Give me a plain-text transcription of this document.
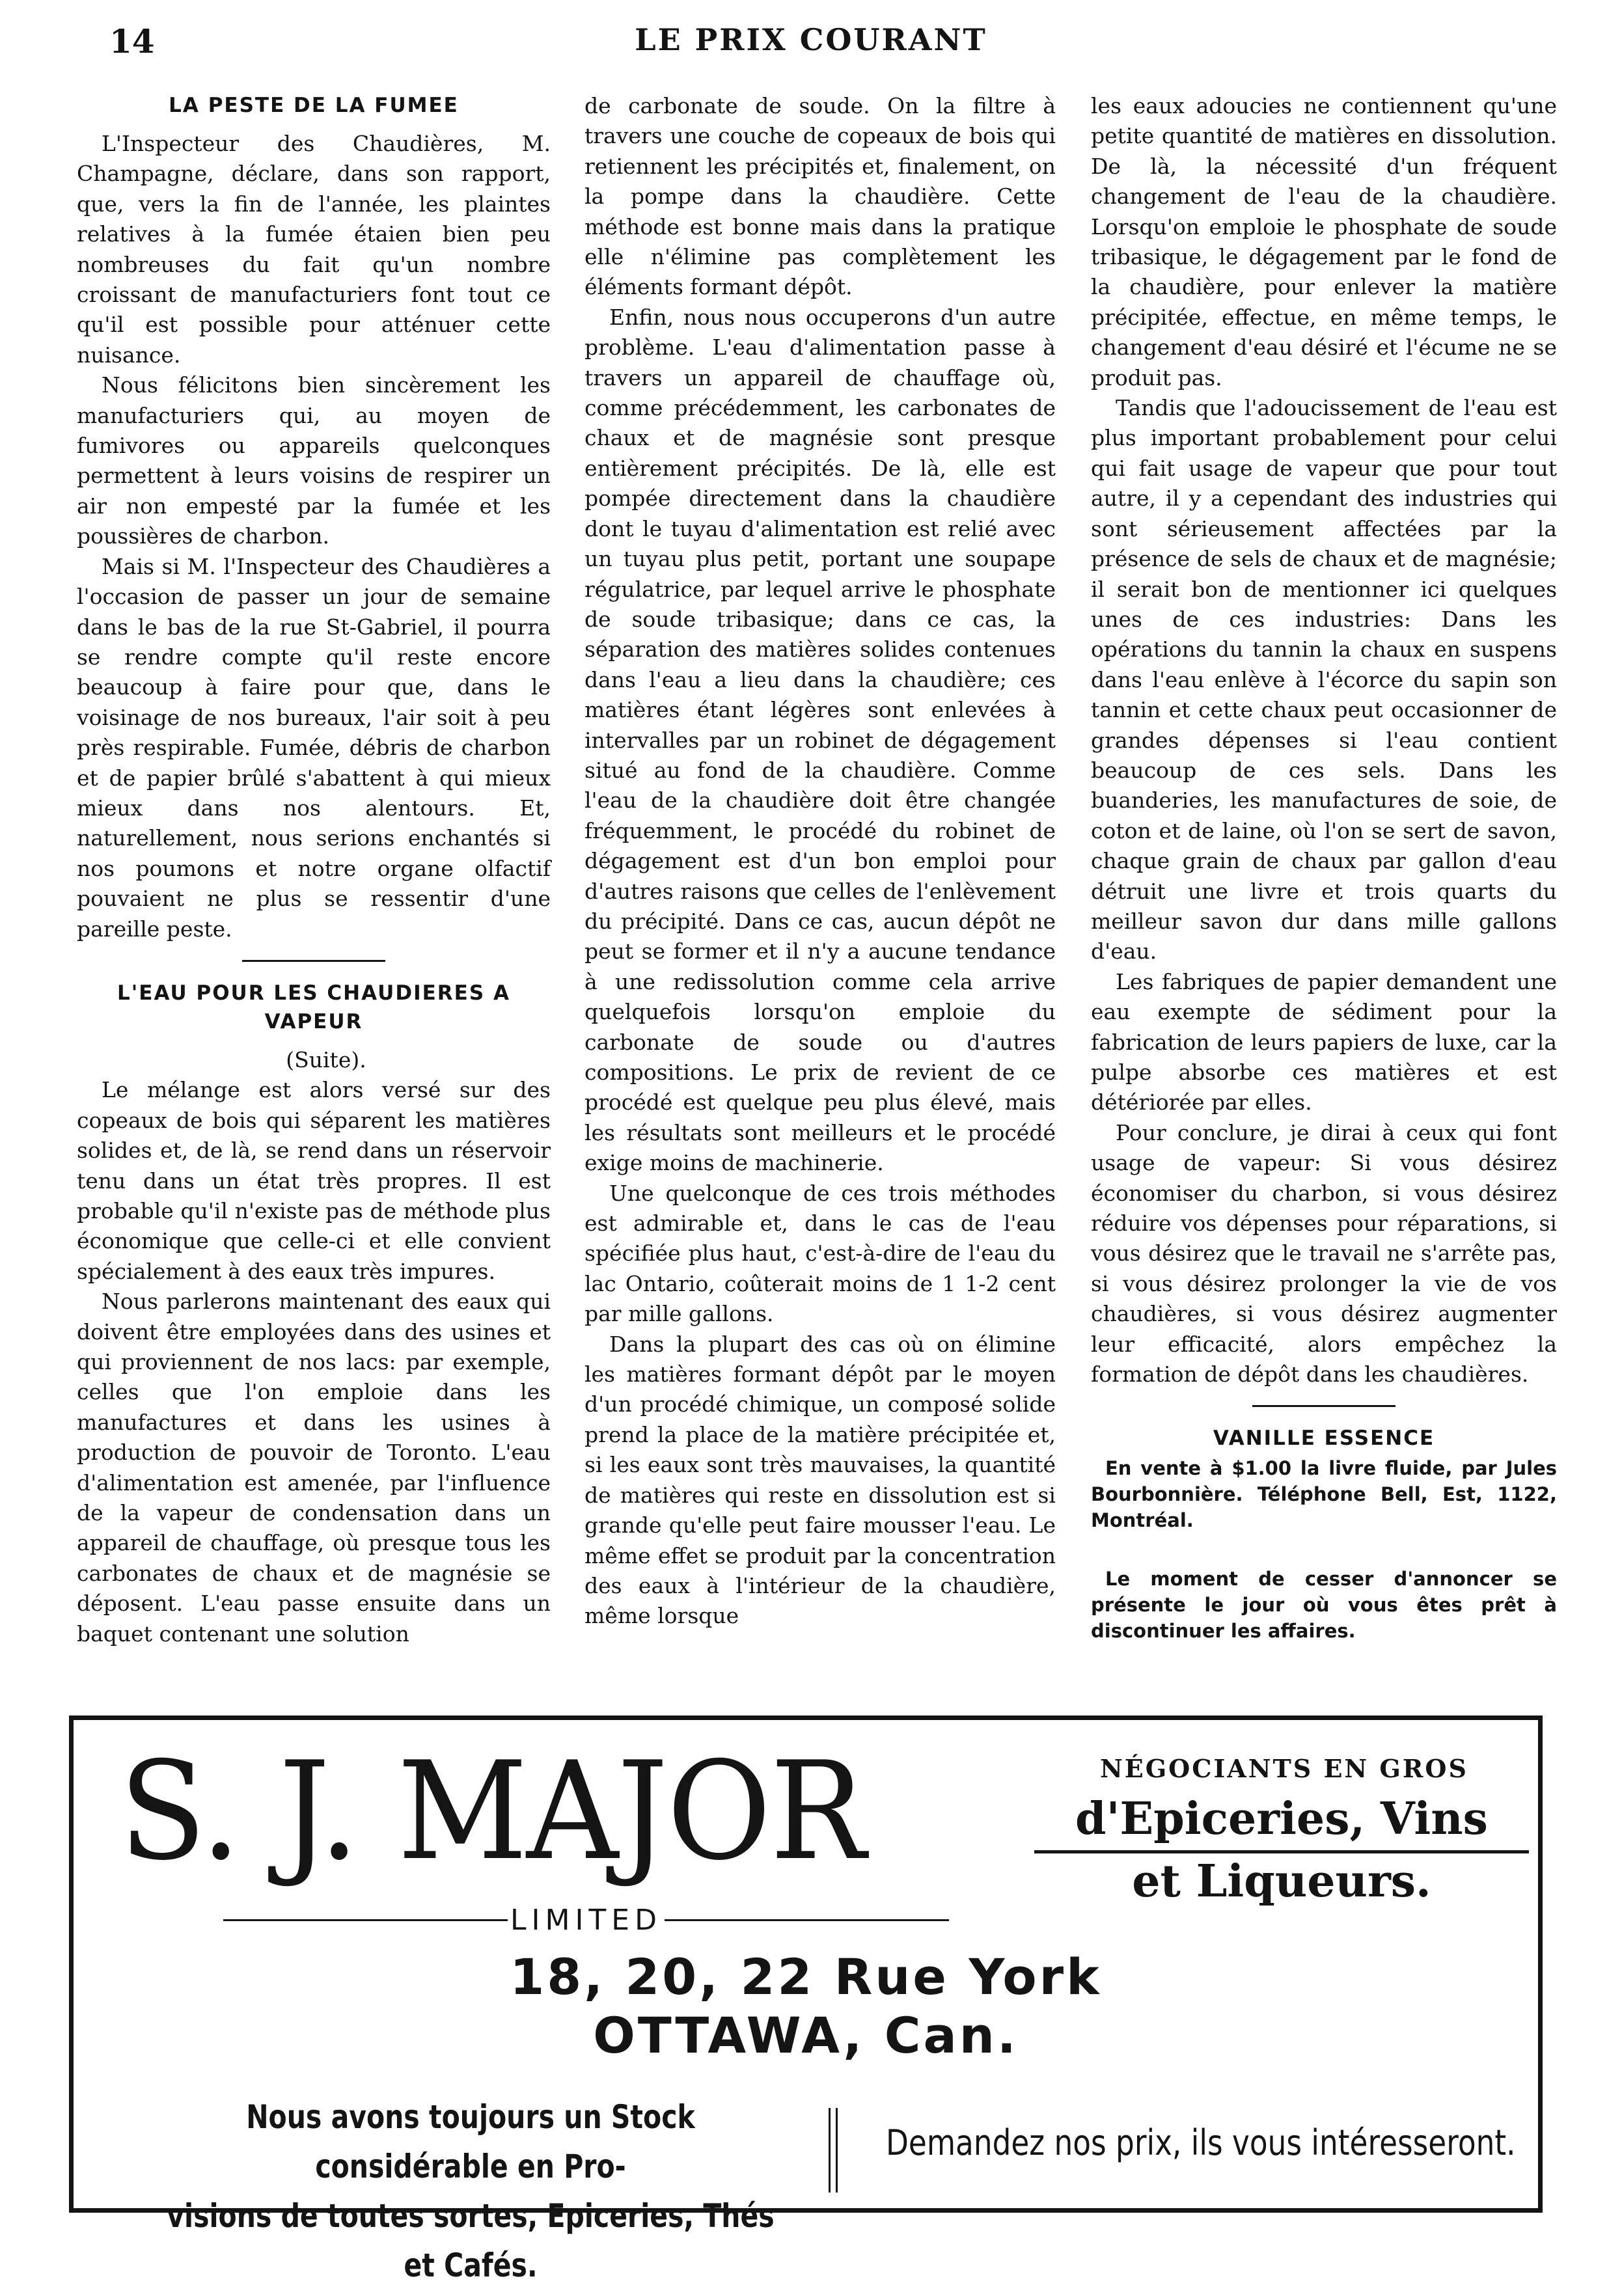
14	LE PRIX COURANT
LA PESTE DE LA FUMEE

L'Inspecteur des Chaudières, M. Champagne, déclare, dans son rapport, que, vers la fin de l'année, les plaintes relatives à la fumée étaien bien peu nombreuses du fait qu'un nombre croissant de manufacturiers font tout ce qu'il est possible pour atténuer cette nuisance.

Nous félicitons bien sincèrement les manufacturiers qui, au moyen de fumivores ou appareils quelconques permettent à leurs voisins de respirer un air non empesté par la fumée et les poussières de charbon.

Mais si M. l'Inspecteur des Chaudières a l'occasion de passer un jour de semaine dans le bas de la rue St-Gabriel, il pourra se rendre compte qu'il reste encore beaucoup à faire pour que, dans le voisinage de nos bureaux, l'air soit à peu près respirable. Fumée, débris de charbon et de papier brûlé s'abattent à qui mieux mieux dans nos alentours. Et, naturellement, nous serions enchantés si nos poumons et notre organe olfactif pouvaient ne plus se ressentir d'une pareille peste.

L'EAU POUR LES CHAUDIERES A VAPEUR

(Suite).

Le mélange est alors versé sur des copeaux de bois qui séparent les matières solides et, de là, se rend dans un réservoir tenu dans un état très propres. Il est probable qu'il n'existe pas de méthode plus économique que celle-ci et elle convient spécialement à des eaux très impures.

Nous parlerons maintenant des eaux qui doivent être employées dans des usines et qui proviennent de nos lacs: par exemple, celles que l'on emploie dans les manufactures et dans les usines à production de pouvoir de Toronto. L'eau d'alimentation est amenée, par l'influence de la vapeur de condensation dans un appareil de chauffage, où presque tous les carbonates de chaux et de magnésie se déposent. L'eau passe ensuite dans un baquet contenant une solution

de carbonate de soude. On la filtre à travers une couche de copeaux de bois qui retiennent les précipités et, finalement, on la pompe dans la chaudière. Cette méthode est bonne mais dans la pratique elle n'élimine pas complètement les éléments formant dépôt.

Enfin, nous nous occuperons d'un autre problème. L'eau d'alimentation passe à travers un appareil de chauffage où, comme précédemment, les carbonates de chaux et de magnésie sont presque entièrement précipités. De là, elle est pompée directement dans la chaudière dont le tuyau d'alimentation est relié avec un tuyau plus petit, portant une soupape régulatrice, par lequel arrive le phosphate de soude tribasique; dans ce cas, la séparation des matières solides contenues dans l'eau a lieu dans la chaudière; ces matières étant légères sont enlevées à intervalles par un robinet de dégagement situé au fond de la chaudière. Comme l'eau de la chaudière doit être changée fréquemment, le procédé du robinet de dégagement est d'un bon emploi pour d'autres raisons que celles de l'enlèvement du précipité. Dans ce cas, aucun dépôt ne peut se former et il n'y a aucune tendance à une redissolution comme cela arrive quelquefois lorsqu'on emploie du carbonate de soude ou d'autres compositions. Le prix de revient de ce procédé est quelque peu plus élevé, mais les résultats sont meilleurs et le procédé exige moins de machinerie.

Une quelconque de ces trois méthodes est admirable et, dans le cas de l'eau spécifiée plus haut, c'est-à-dire de l'eau du lac Ontario, coûterait moins de 1 1-2 cent par mille gallons.

Dans la plupart des cas où on élimine les matières formant dépôt par le moyen d'un procédé chimique, un composé solide prend la place de la matière précipitée et, si les eaux sont très mauvaises, la quantité de matières qui reste en dissolution est si grande qu'elle peut faire mousser l'eau. Le même effet se produit par la concentration des eaux à l'intérieur de la chaudière, même lorsque

les eaux adoucies ne contiennent qu'une petite quantité de matières en dissolution. De là, la nécessité d'un fréquent changement de l'eau de la chaudière. Lorsqu'on emploie le phosphate de soude tribasique, le dégagement par le fond de la chaudière, pour enlever la matière précipitée, effectue, en même temps, le changement d'eau désiré et l'écume ne se produit pas.

Tandis que l'adoucissement de l'eau est plus important probablement pour celui qui fait usage de vapeur que pour tout autre, il y a cependant des industries qui sont sérieusement affectées par la présence de sels de chaux et de magnésie; il serait bon de mentionner ici quelques unes de ces industries: Dans les opérations du tannin la chaux en suspens dans l'eau enlève à l'écorce du sapin son tannin et cette chaux peut occasionner de grandes dépenses si l'eau contient beaucoup de ces sels. Dans les buanderies, les manufactures de soie, de coton et de laine, où l'on se sert de savon, chaque grain de chaux par gallon d'eau détruit une livre et trois quarts du meilleur savon dur dans mille gallons d'eau.

Les fabriques de papier demandent une eau exempte de sédiment pour la fabrication de leurs papiers de luxe, car la pulpe absorbe ces matières et est détériorée par elles.

Pour conclure, je dirai à ceux qui font usage de vapeur: Si vous désirez économiser du charbon, si vous désirez réduire vos dépenses pour réparations, si vous désirez que le travail ne s'arrête pas, si vous désirez prolonger la vie de vos chaudières, si vous désirez augmenter leur efficacité, alors empêchez la formation de dépôt dans les chaudières.

VANILLE ESSENCE

En vente à $1.00 la livre fluide, par Jules Bourbonnière. Téléphone Bell, Est, 1122, Montréal.

Le moment de cesser d'annoncer se présente le jour où vous êtes prêt à discontinuer les affaires.

S. J. MAJOR
LIMITED
NÉGOCIANTS EN GROS
d'Epiceries, Vins
et Liqueurs.
18, 20, 22 Rue York
OTTAWA, Can.
Nous avons toujours un Stock considérable en Pro-
visions de toutes sortes, Epiceries, Thés et Cafés.
Demandez nos prix, ils vous intéresseront.
